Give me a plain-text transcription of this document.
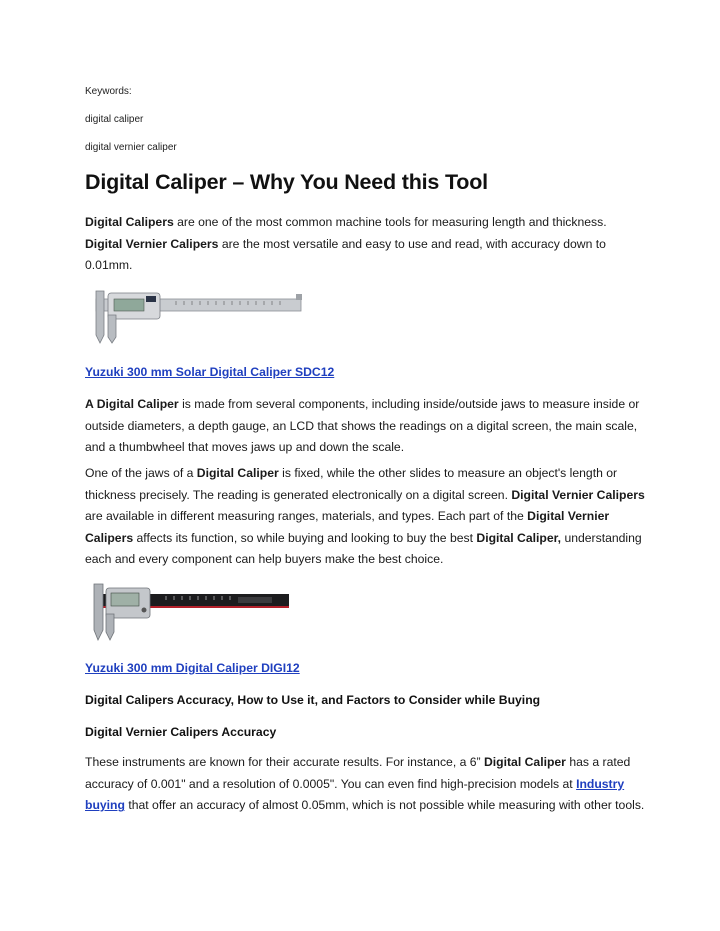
Keywords:
digital caliper
digital vernier caliper
Digital Caliper – Why You Need this Tool
Digital Calipers are one of the most common machine tools for measuring length and thickness. Digital Vernier Calipers are the most versatile and easy to use and read, with accuracy down to 0.01mm.
Yuzuki 300 mm Solar Digital Caliper SDC12
A Digital Caliper is made from several components, including inside/outside jaws to measure inside or outside diameters, a depth gauge, an LCD that shows the readings on a digital screen, the main scale, and a thumbwheel that moves jaws up and down the scale.
One of the jaws of a Digital Caliper is fixed, while the other slides to measure an object's length or thickness precisely. The reading is generated electronically on a digital screen. Digital Vernier Calipers are available in different measuring ranges, materials, and types. Each part of the Digital Vernier Calipers affects its function, so while buying and looking to buy the best Digital Caliper, understanding each and every component can help buyers make the best choice.
Yuzuki 300 mm Digital Caliper DIGI12
Digital Calipers Accuracy, How to Use it, and Factors to Consider while Buying
Digital Vernier Calipers Accuracy
These instruments are known for their accurate results. For instance, a 6” Digital Caliper has a rated accuracy of 0.001" and a resolution of 0.0005". You can even find high-precision models at Industry buying that offer an accuracy of almost 0.05mm, which is not possible while measuring with other tools.
